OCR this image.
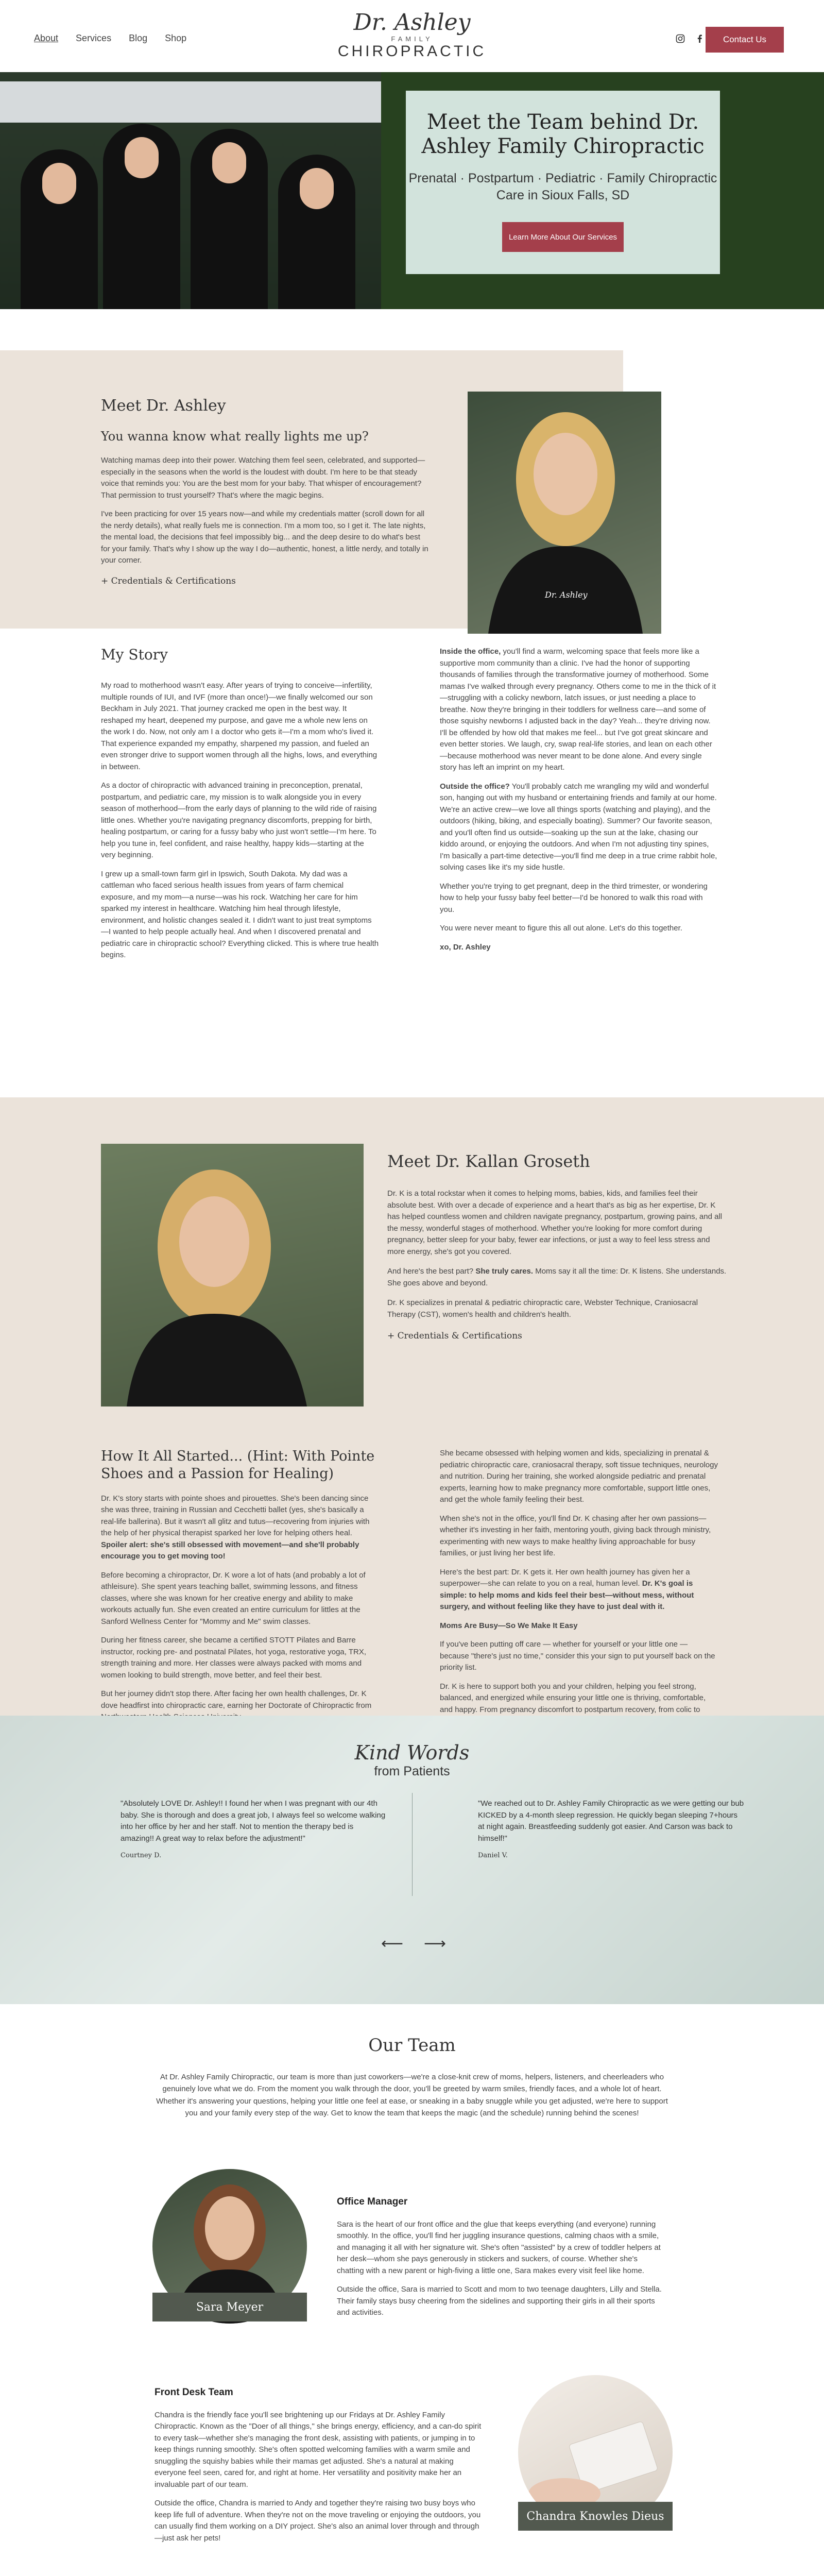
About Services Blog Shop
Dr. Ashley
FAMILY
CHIROPRACTIC
Contact Us
Meet the Team behind Dr. Ashley Family Chiropractic

Prenatal · Postpartum · Pediatric · Family Chiropractic Care in Sioux Falls, SD

Learn More About Our Services
Meet Dr. Ashley
You wanna know what really lights me up?

Watching mamas deep into their power. Watching them feel seen, celebrated, and supported—especially in the seasons when the world is the loudest with doubt. I'm here to be that steady voice that reminds you: You are the best mom for your baby. That whisper of encouragement? That permission to trust yourself? That's where the magic begins.

I've been practicing for over 15 years now—and while my credentials matter (scroll down for all the nerdy details), what really fuels me is connection. I'm a mom too, so I get it. The late nights, the mental load, the decisions that feel impossibly big... and the deep desire to do what's best for your family. That's why I show up the way I do—authentic, honest, a little nerdy, and totally in your corner.

+ Credentials & Certifications
Dr. Ashley
My Story

My road to motherhood wasn't easy. After years of trying to conceive—infertility, multiple rounds of IUI, and IVF (more than once!)—we finally welcomed our son Beckham in July 2021. That journey cracked me open in the best way. It reshaped my heart, deepened my purpose, and gave me a whole new lens on the work I do. Now, not only am I a doctor who gets it—I'm a mom who's lived it. That experience expanded my empathy, sharpened my passion, and fueled an even stronger drive to support women through all the highs, lows, and everything in between.

As a doctor of chiropractic with advanced training in preconception, prenatal, postpartum, and pediatric care, my mission is to walk alongside you in every season of motherhood—from the early days of planning to the wild ride of raising little ones. Whether you're navigating pregnancy discomforts, prepping for birth, healing postpartum, or caring for a fussy baby who just won't settle—I'm here. To help you tune in, feel confident, and raise healthy, happy kids—starting at the very beginning.

I grew up a small-town farm girl in Ipswich, South Dakota. My dad was a cattleman who faced serious health issues from years of farm chemical exposure, and my mom—a nurse—was his rock. Watching her care for him sparked my interest in healthcare. Watching him heal through lifestyle, environment, and holistic changes sealed it. I didn't want to just treat symptoms—I wanted to help people actually heal. And when I discovered prenatal and pediatric care in chiropractic school? Everything clicked. This is where true health begins.

Inside the office, you'll find a warm, welcoming space that feels more like a supportive mom community than a clinic. I've had the honor of supporting thousands of families through the transformative journey of motherhood. Some mamas I've walked through every pregnancy. Others come to me in the thick of it—struggling with a colicky newborn, latch issues, or just needing a place to breathe. Now they're bringing in their toddlers for wellness care—and some of those squishy newborns I adjusted back in the day? Yeah... they're driving now. I'll be offended by how old that makes me feel... but I've got great skincare and even better stories. We laugh, cry, swap real-life stories, and lean on each other—because motherhood was never meant to be done alone. And every single story has left an imprint on my heart.

Outside the office? You'll probably catch me wrangling my wild and wonderful son, hanging out with my husband or entertaining friends and family at our home. We're an active crew—we love all things sports (watching and playing), and the outdoors (hiking, biking, and especially boating). Summer? Our favorite season, and you'll often find us outside—soaking up the sun at the lake, chasing our kiddo around, or enjoying the outdoors. And when I'm not adjusting tiny spines, I'm basically a part-time detective—you'll find me deep in a true crime rabbit hole, solving cases like it's my side hustle.

Whether you're trying to get pregnant, deep in the third trimester, or wondering how to help your fussy baby feel better—I'd be honored to walk this road with you.

You were never meant to figure this all out alone. Let's do this together.

xo, Dr. Ashley

Meet Dr. Kallan Groseth

Dr. K is a total rockstar when it comes to helping moms, babies, kids, and families feel their absolute best. With over a decade of experience and a heart that's as big as her expertise, Dr. K has helped countless women and children navigate pregnancy, postpartum, growing pains, and all the messy, wonderful stages of motherhood. Whether you're looking for more comfort during pregnancy, better sleep for your baby, fewer ear infections, or just a way to feel less stress and more energy, she's got you covered.

And here's the best part? She truly cares. Moms say it all the time: Dr. K listens. She understands. She goes above and beyond.

Dr. K specializes in prenatal & pediatric chiropractic care, Webster Technique, Craniosacral Therapy (CST), women's health and children's health.

+ Credentials & Certifications
How It All Started... (Hint: With Pointe Shoes and a Passion for Healing)

Dr. K's story starts with pointe shoes and pirouettes. She's been dancing since she was three, training in Russian and Cecchetti ballet (yes, she's basically a real-life ballerina). But it wasn't all glitz and tutus—recovering from injuries with the help of her physical therapist sparked her love for helping others heal. Spoiler alert: she's still obsessed with movement—and she'll probably encourage you to get moving too!

Before becoming a chiropractor, Dr. K wore a lot of hats (and probably a lot of athleisure). She spent years teaching ballet, swimming lessons, and fitness classes, where she was known for her creative energy and ability to make workouts actually fun. She even created an entire curriculum for littles at the Sanford Wellness Center for "Mommy and Me" swim classes.

During her fitness career, she became a certified STOTT Pilates and Barre instructor, rocking pre- and postnatal Pilates, hot yoga, restorative yoga, TRX, strength training and more. Her classes were always packed with moms and women looking to build strength, move better, and feel their best.

But her journey didn't stop there. After facing her own health challenges, Dr. K dove headfirst into chiropractic care, earning her Doctorate of Chiropractic from

She became obsessed with helping women and kids, specializing in prenatal & pediatric chiropractic care, craniosacral therapy, soft tissue techniques, neurology and nutrition. During her training, she worked alongside pediatric and prenatal experts, learning how to make pregnancy more comfortable, support little ones, and get the whole family feeling their best.

When she's not in the office, you'll find Dr. K chasing after her own passions—whether it's investing in her faith, mentoring youth, giving back through ministry, experimenting with new ways to make healthy living approachable for busy families, or just living her best life.

Here's the best part: Dr. K gets it. Her own health journey has given her a superpower—she can relate to you on a real, human level. Dr. K's goal is simple: to help moms and kids feel their best—without mess, without surgery, and without feeling like they have to just deal with it.

Moms Are Busy—So We Make It Easy

If you've been putting off care — whether for yourself or your little one — because "there's just no time," consider this your sign to put yourself back on the priority list.

Dr. K is here to support both you and your children, helping you feel strong, balanced, and energized while ensuring your little one is thriving, comfortable, and happy. From pregnancy discomfort to postpartum recovery, from colic to

Kind Words
from Patients
"Absolutely LOVE Dr. Ashley!! I found her when I was pregnant with our 4th baby. She is thorough and does a great job, I always feel so welcome walking into her office by her and her staff. Not to mention the therapy bed is amazing!! A great way to relax before the adjustment!"
Courtney D.
"We reached out to Dr. Ashley Family Chiropractic as we were getting our bub KICKED by a 4-month sleep regression. He quickly began sleeping 7+hours at night again. Breastfeeding suddenly got easier. And Carson was back to himself!"
Daniel V.
⟵ ⟶
Our Team

At Dr. Ashley Family Chiropractic, our team is more than just coworkers—we're a close-knit crew of moms, helpers, listeners, and cheerleaders who genuinely love what we do. From the moment you walk through the door, you'll be greeted by warm smiles, friendly faces, and a whole lot of heart. Whether it's answering your questions, helping your little one feel at ease, or sneaking in a baby snuggle while you get adjusted, we're here to support you and your family every step of the way. Get to know the team that keeps the magic (and the schedule) running behind the scenes!

Sara Meyer
Office Manager

Sara is the heart of our front office and the glue that keeps everything (and everyone) running smoothly. In the office, you'll find her juggling insurance questions, calming chaos with a smile, and managing it all with her signature wit. She's often "assisted" by a crew of toddler helpers at her desk—whom she pays generously in stickers and suckers, of course. Whether she's chatting with a new parent or high-fiving a little one, Sara makes every visit feel like home.

Outside the office, Sara is married to Scott and mom to two teenage daughters, Lilly and Stella. Their family stays busy cheering from the sidelines and supporting their girls in all their sports and activities.

Front Desk Team

Chandra is the friendly face you'll see brightening up our Fridays at Dr. Ashley Family Chiropractic. Known as the "Doer of all things," she brings energy, efficiency, and a can-do spirit to every task—whether she's managing the front desk, assisting with patients, or jumping in to keep things running smoothly. She's often spotted welcoming families with a warm smile and snuggling the squishy babies while their mamas get adjusted. She's a natural at making everyone feel seen, cared for, and right at home. Her versatility and positivity make her an invaluable part of our team.

Outside the office, Chandra is married to Andy and together they're raising two busy boys who keep life full of adventure. When they're not on the move traveling or enjoying the outdoors, you can usually find them working on a DIY project. She's also an animal lover through and through—just ask her pets!

Chandra Knowles Dieus
